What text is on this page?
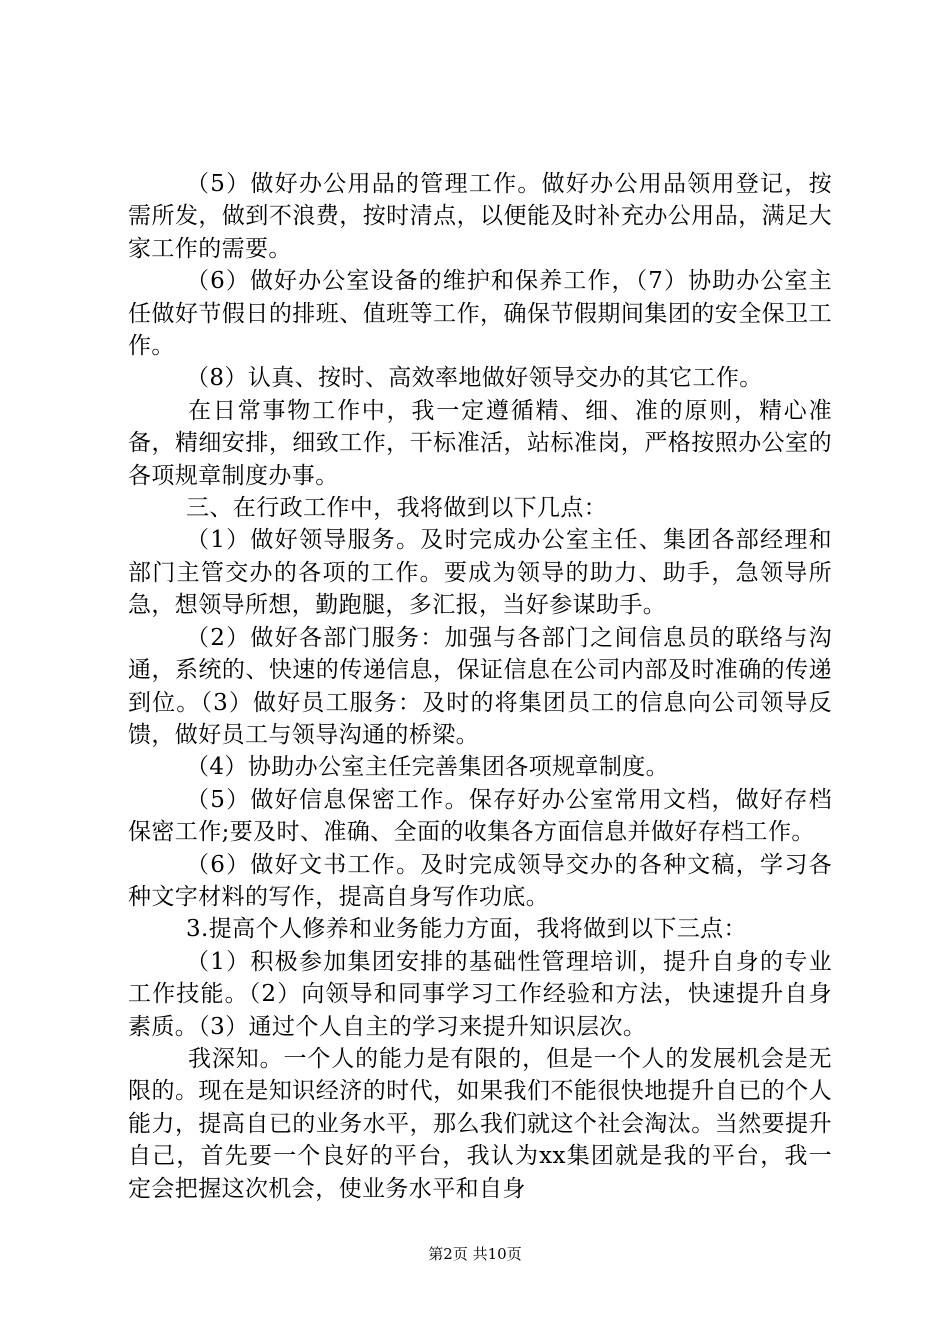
（5）做好办公用品的管理工作。做好办公用品领用登记，按需所发，做到不浪费，按时清点，以便能及时补充办公用品，满足大家工作的需要。

（6）做好办公室设备的维护和保养工作，（7）协助办公室主任做好节假日的排班、值班等工作，确保节假期间集团的安全保卫工作。

（8）认真、按时、高效率地做好领导交办的其它工作。

在日常事物工作中，我一定遵循精、细、准的原则，精心准备，精细安排，细致工作，干标准活，站标准岗，严格按照办公室的各项规章制度办事。

三、在行政工作中，我将做到以下几点：

（1）做好领导服务。及时完成办公室主任、集团各部经理和部门主管交办的各项的工作。要成为领导的助力、助手，急领导所急，想领导所想，勤跑腿，多汇报，当好参谋助手。

（2）做好各部门服务：加强与各部门之间信息员的联络与沟通，系统的、快速的传递信息，保证信息在公司内部及时准确的传递到位。（3）做好员工服务：及时的将集团员工的信息向公司领导反馈，做好员工与领导沟通的桥梁。

（4）协助办公室主任完善集团各项规章制度。

（5）做好信息保密工作。保存好办公室常用文档，做好存档保密工作;要及时、准确、全面的收集各方面信息并做好存档工作。

（6）做好文书工作。及时完成领导交办的各种文稿，学习各种文字材料的写作，提高自身写作功底。

3.提高个人修养和业务能力方面，我将做到以下三点：

（1）积极参加集团安排的基础性管理培训，提升自身的专业工作技能。（2）向领导和同事学习工作经验和方法，快速提升自身素质。（3）通过个人自主的学习来提升知识层次。

我深知。一个人的能力是有限的，但是一个人的发展机会是无限的。现在是知识经济的时代，如果我们不能很快地提升自已的个人能力，提高自已的业务水平，那么我们就这个社会淘汰。当然要提升自己，首先要一个良好的平台，我认为xx集团就是我的平台，我一定会把握这次机会，使业务水平和自身

第2页 共10页
